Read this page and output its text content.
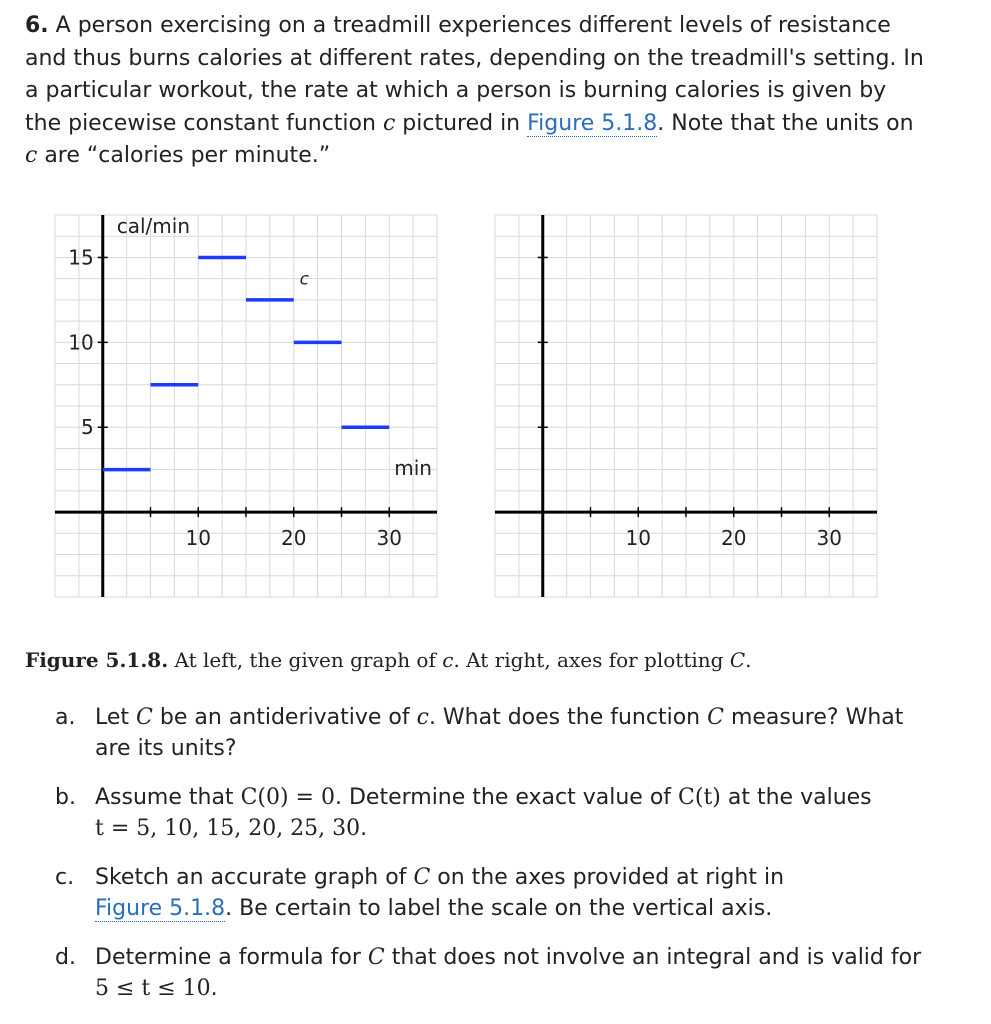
6. A person exercising on a treadmill experiences different levels of resistance and thus burns calories at different rates, depending on the treadmill's setting. In a particular workout, the rate at which a person is burning calories is given by the piecewise constant function c pictured in Figure 5.1.8. Note that the units on c are “calories per minute.”
10	20	30
5
10
15
cal/min
min
c
10	20	30
Figure 5.1.8. At left, the given graph of c. At right, axes for plotting C.
a. Let C be an antiderivative of c. What does the function C measure? What are its units?
b. Assume that C(0) = 0. Determine the exact value of C(t) at the values
t = 5, 10, 15, 20, 25, 30.
c. Sketch an accurate graph of C on the axes provided at right in
Figure 5.1.8. Be certain to label the scale on the vertical axis.
d. Determine a formula for C that does not involve an integral and is valid for
5 ≤ t ≤ 10.
